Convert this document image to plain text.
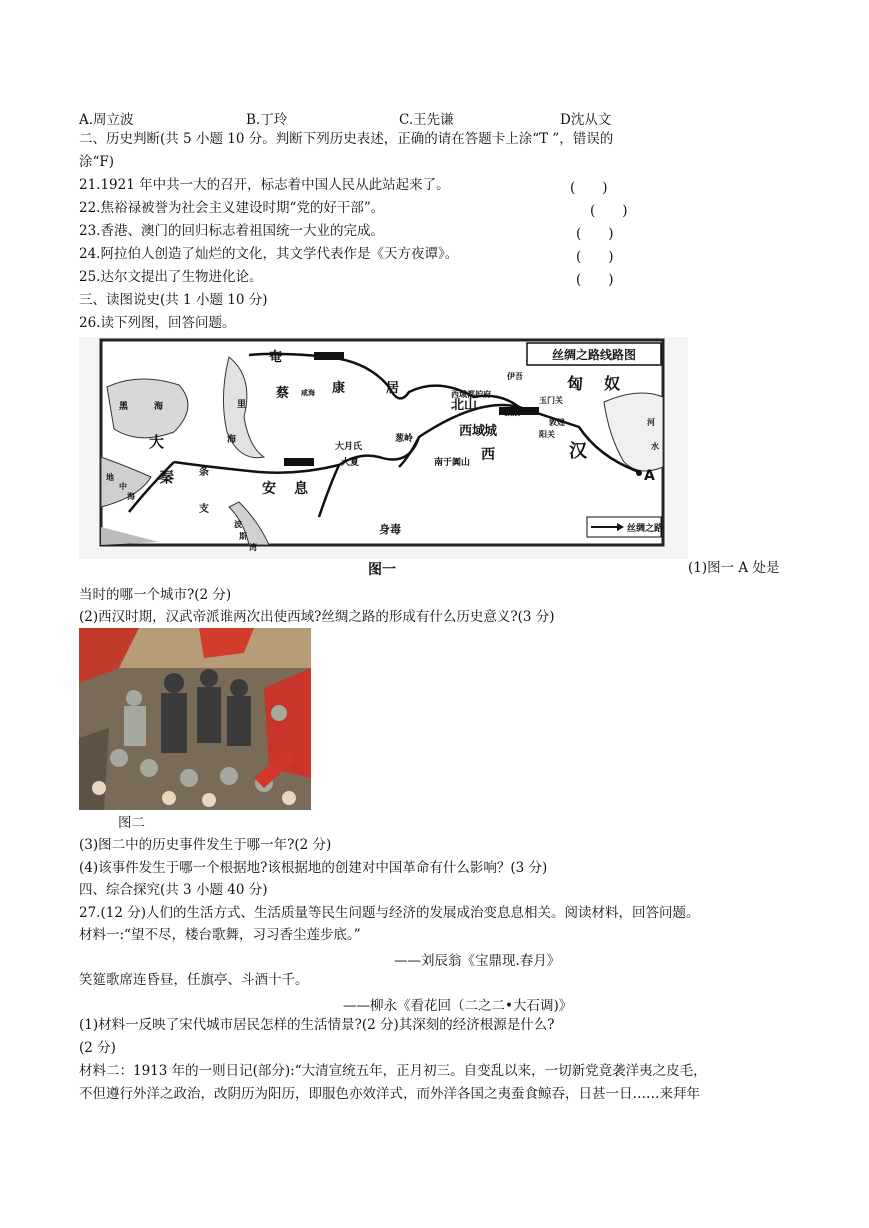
A.周立波	B.丁玲	C.王先谦	D沈从文
二、历史判断(共 5 小题 10 分。判断下列历史表述，正确的请在答题卡上涂“T ”，错误的
涂“F)
21.1921 年中共一大的召开，标志着中国人民从此站起来了。	(　　)
22.焦裕禄被誉为社会主义建设时期“党的好干部”。	(　　)
23.香港、澳门的回归标志着祖国统一大业的完成。	(　　)
24.阿拉伯人创造了灿烂的文化，其文学代表作是《天方夜谭》。	(　　)
25.达尔文提出了生物进化论。	(　　)
三、读图说史(共 1 小题 10 分)
26.读下列图，回答问题。
丝绸之路线路图
丝绸之路
匈 奴
汉
A
河
水
伊吾
玉门关
阳关
敦煌
张掖
北山
西域
城
西域都护府
南于阗山 西
葱岭
大月氏
大夏
安 息
康	居
奄
蔡
身毒
大
秦 条
支
黑	海	里
海
地
中
海
波
斯
湾
咸海
图一	(1)图一 A 处是
当时的哪一个城市?(2 分)
(2)西汉时期，汉武帝派谁两次出使西域?丝绸之路的形成有什么历史意义?(3 分)
图二
(3)图二中的历史事件发生于哪一年?(2 分)
(4)该事件发生于哪一个根据地?该根据地的创建对中国革命有什么影响？(3 分)
四、综合探究(共 3 小题 40 分)
27.(12 分)人们的生活方式、生活质量等民生问题与经济的发展成治变息息相关。阅读材料，回答问题。
材料一:“望不尽，楼台歌舞，习习香尘莲步底。”
——刘辰翁《宝鼎现.春月》
笑筵歌席连昏昼，任旗亭、斗酒十千。
——柳永《看花回（二之二•大石调)》
(1)材料一反映了宋代城市居民怎样的生活情景?(2 分)其深刻的经济根源是什么?
(2 分)
材料二：1913 年的一则日记(部分):“大清宣统五年，正月初三。自变乱以来，一切新党竟袭洋夷之皮毛，
不但遵行外洋之政治，改阴历为阳历，即服色亦效洋式，而外洋各国之夷蚕食鲸吞，日甚一日……来拜年
